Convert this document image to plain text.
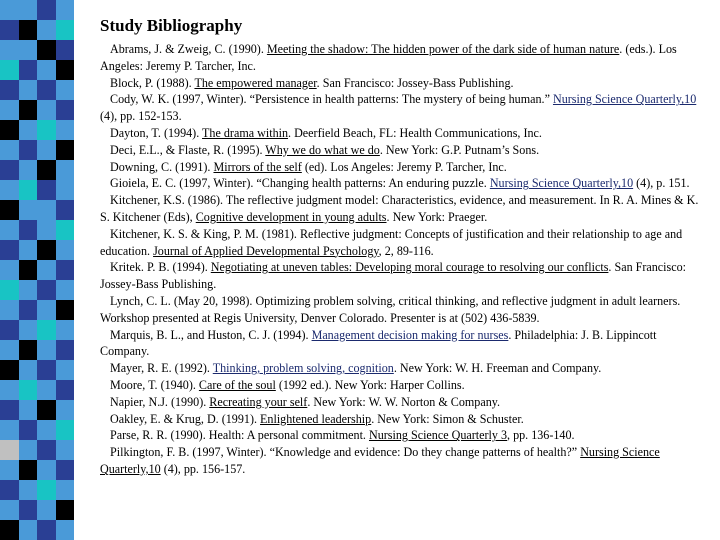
Study Bibliography
Abrams, J. & Zweig, C. (1990). Meeting the shadow: The hidden power of the dark side of human nature. (eds.). Los Angeles: Jeremy P. Tarcher, Inc.
Block, P. (1988). The empowered manager. San Francisco: Jossey-Bass Publishing.
Cody, W. K. (1997, Winter). “Persistence in health patterns: The mystery of being human.” Nursing Science Quarterly,10 (4), pp. 152-153.
Dayton, T. (1994). The drama within. Deerfield Beach, FL: Health Communications, Inc.
Deci, E.L., & Flaste, R. (1995). Why we do what we do. New York: G.P. Putnam’s Sons.
Downing, C. (1991). Mirrors of the self (ed). Los Angeles: Jeremy P. Tarcher, Inc.
Gioiela, E. C. (1997, Winter). “Changing health patterns: An enduring puzzle. Nursing Science Quarterly,10 (4), p. 151.
Kitchener, K.S. (1986). The reflective judgment model: Characteristics, evidence, and measurement. In R. A. Mines & K. S. Kitchener (Eds), Cognitive development in young adults. New York: Praeger.
Kitchener, K. S. & King, P. M. (1981). Reflective judgment: Concepts of justification and their relationship to age and education. Journal of Applied Developmental Psychology, 2, 89-116.
Kritek. P. B. (1994). Negotiating at uneven tables: Developing moral courage to resolving our conflicts. San Francisco: Jossey-Bass Publishing.
Lynch, C. L. (May 20, 1998). Optimizing problem solving, critical thinking, and reflective judgment in adult learners. Workshop presented at Regis University, Denver Colorado. Presenter is at (502) 436-5839.
Marquis, B. L., and Huston, C. J. (1994). Management decision making for nurses. Philadelphia: J. B. Lippincott Company.
Mayer, R. E. (1992). Thinking, problem solving, cognition. New York: W. H. Freeman and Company.
Moore, T. (1940). Care of the soul (1992 ed.). New York: Harper Collins.
Napier, N.J. (1990). Recreating your self. New York: W. W. Norton & Company.
Oakley, E. & Krug, D. (1991). Enlightened leadership. New York: Simon & Schuster.
Parse, R. R. (1990). Health: A personal commitment. Nursing Science Quarterly 3, pp. 136-140.
Pilkington, F. B. (1997, Winter). “Knowledge and evidence: Do they change patterns of health?” Nursing Science Quarterly,10 (4), pp. 156-157.
